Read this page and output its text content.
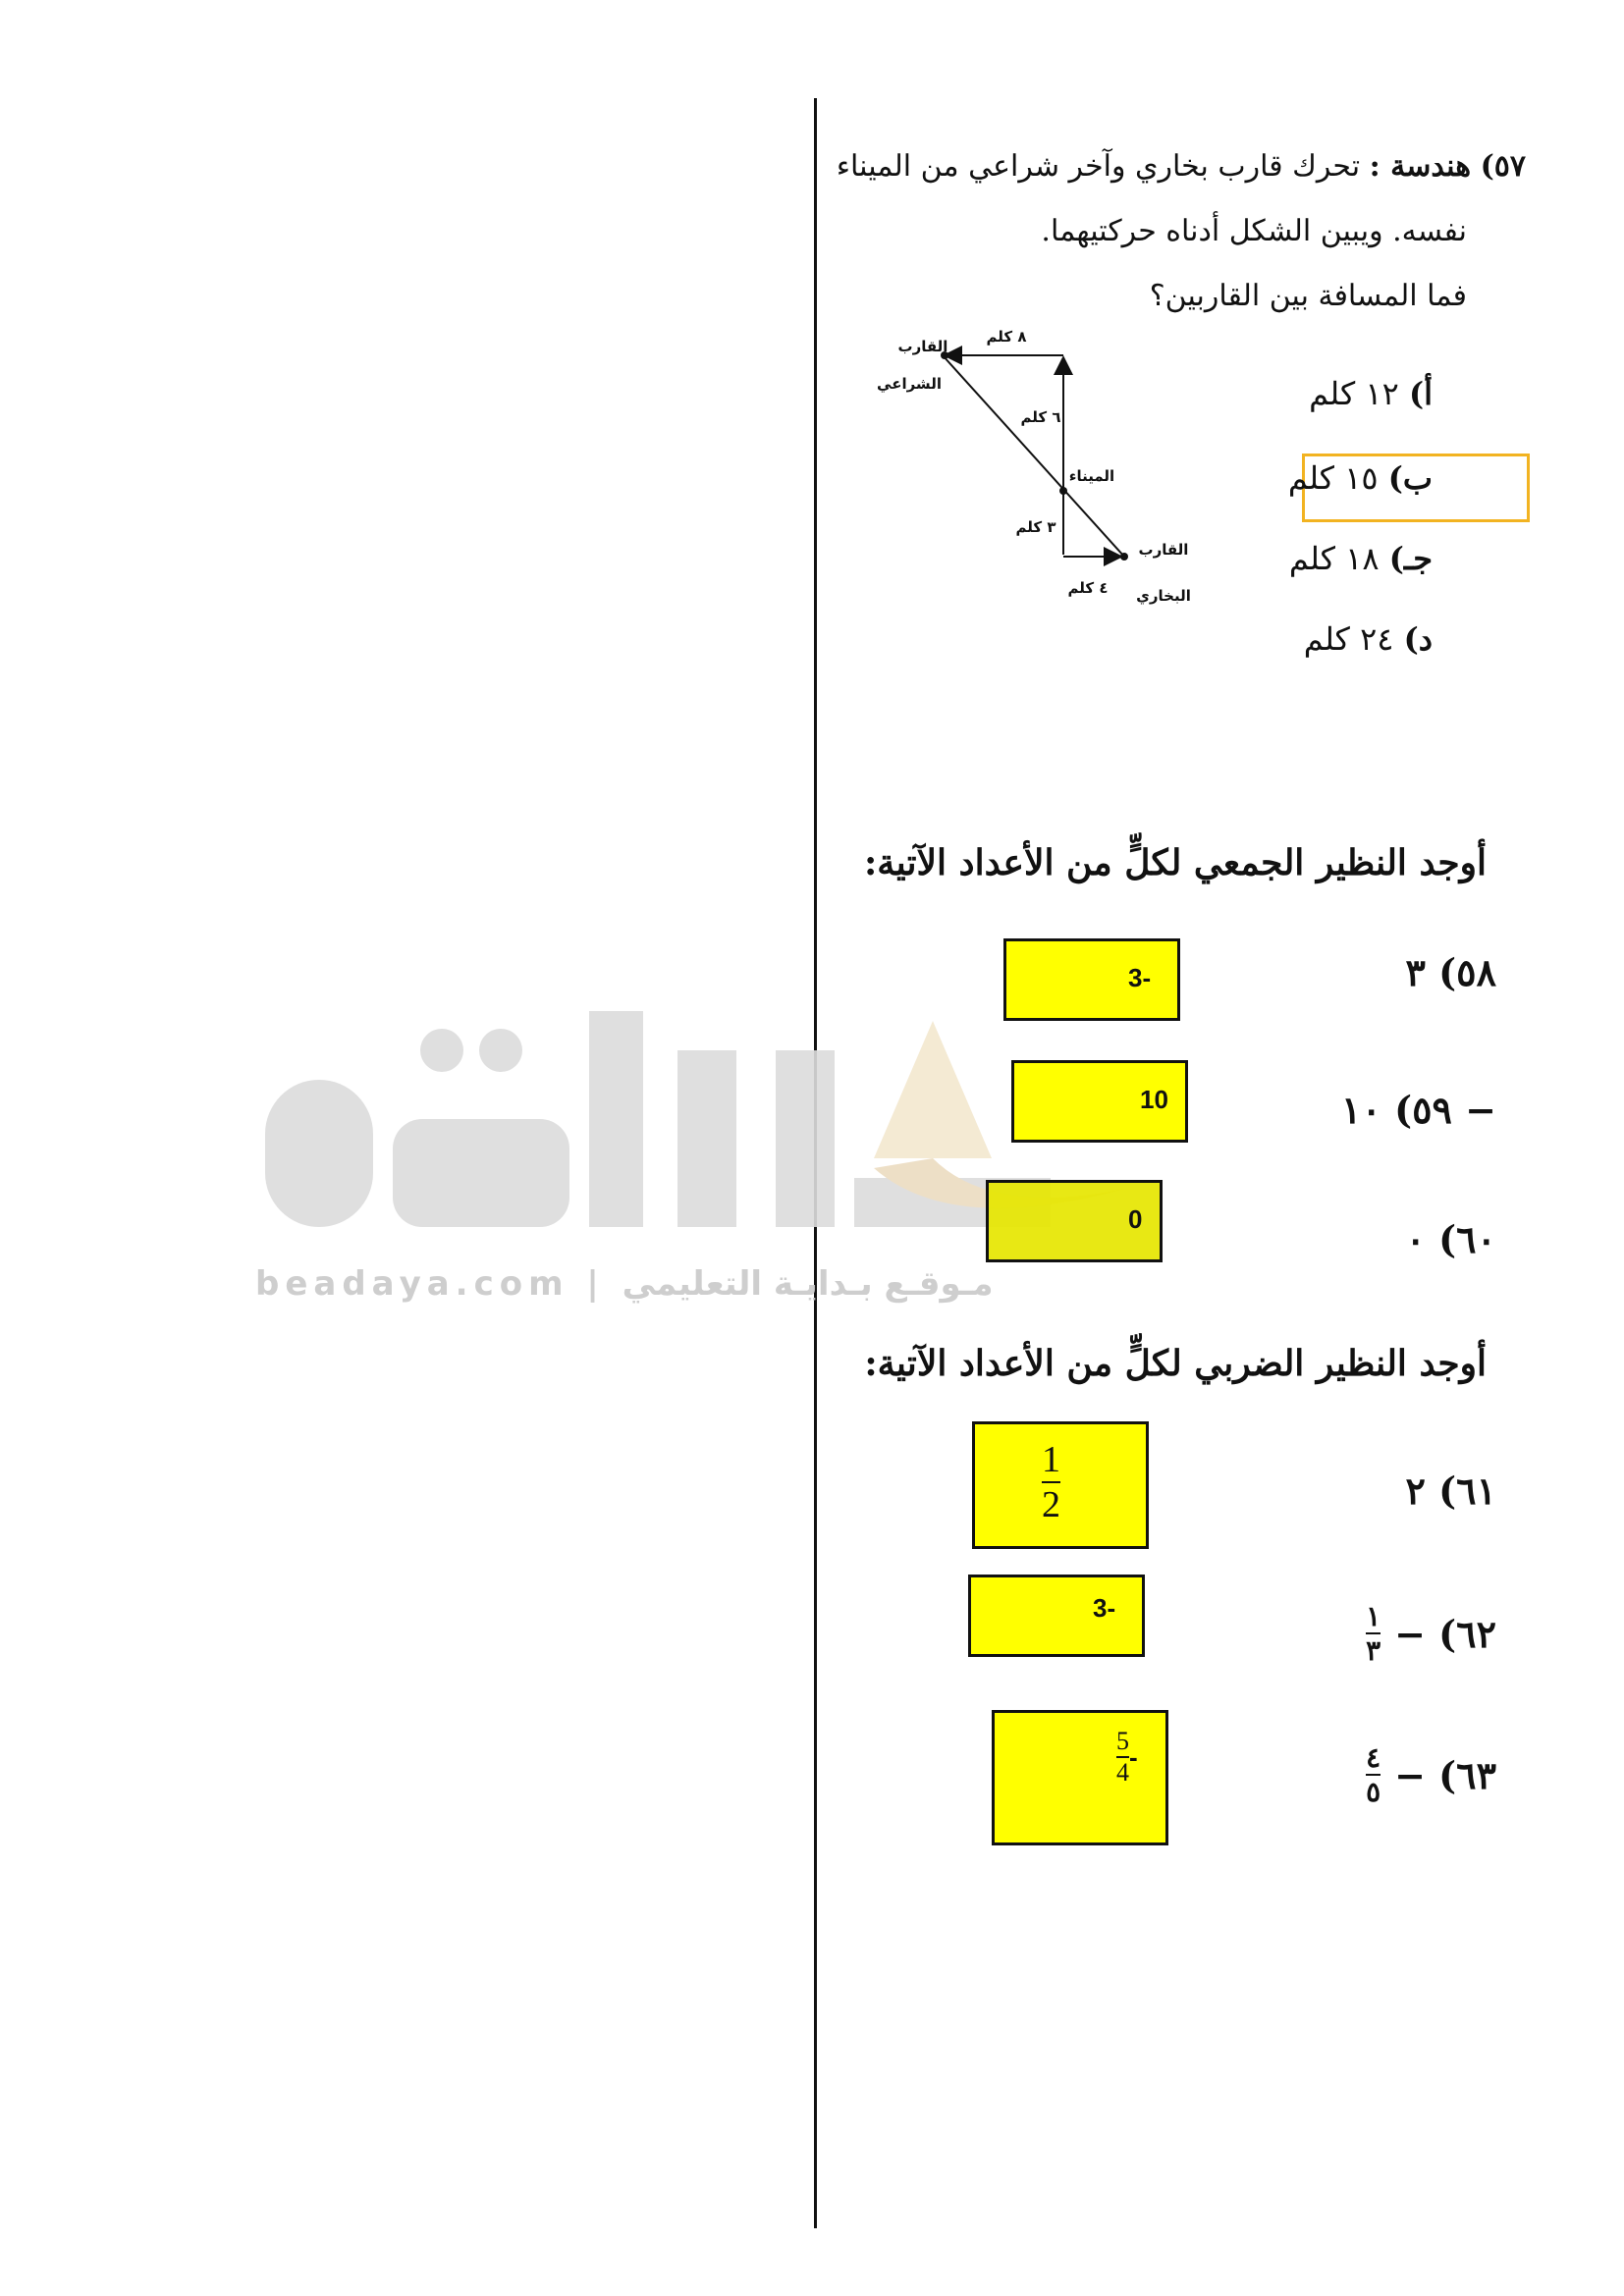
beadaya.com | مـوقـع بـدايـة التعليمي
٥٧) هندسة : تحرك قارب بخاري وآخر شراعي من الميناء
نفسه. ويبين الشكل أدناه حركتيهما.
فما المسافة بين القاربين؟
القارب
الشراعي
٨ كلم
٦ كلم
الميناء
٣ كلم
٤ كلم
القارب
البخاري
أ) ١٢ كلم
ب) ١٥ كلم
جـ) ١٨ كلم
د) ٢٤ كلم
أوجد النظير الجمعي لكلٍّ من الأعداد الآتية:
٥٨) ٣
3-
٥٩) ١٠ −
10
٦٠) ٠
0
أوجد النظير الضربي لكلٍّ من الأعداد الآتية:
٦١) ٢
1
2
٦٢) −
$\frac{١}{٣}$
3-
٦٣) −
$\frac{٤}{٥}$
$\frac{5}{4}$ -
